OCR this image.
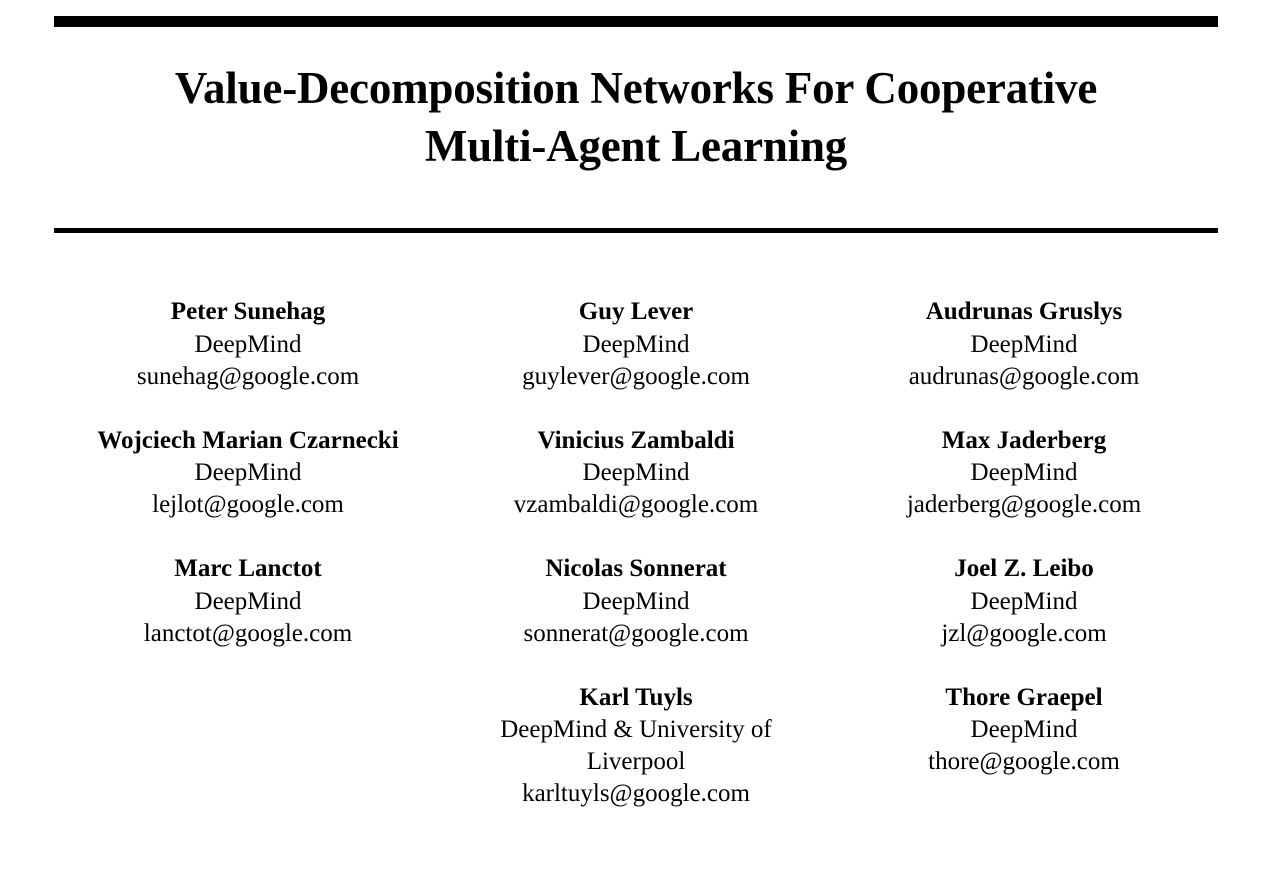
Value-Decomposition Networks For Cooperative Multi-Agent Learning
Peter Sunehag
DeepMind
sunehag@google.com
Guy Lever
DeepMind
guylever@google.com
Audrunas Gruslys
DeepMind
audrunas@google.com
Wojciech Marian Czarnecki
DeepMind
lejlot@google.com
Vinicius Zambaldi
DeepMind
vzambaldi@google.com
Max Jaderberg
DeepMind
jaderberg@google.com
Marc Lanctot
DeepMind
lanctot@google.com
Nicolas Sonnerat
DeepMind
sonnerat@google.com
Joel Z. Leibo
DeepMind
jzl@google.com
Karl Tuyls
DeepMind & University of Liverpool
karltuyls@google.com
Thore Graepel
DeepMind
thore@google.com
